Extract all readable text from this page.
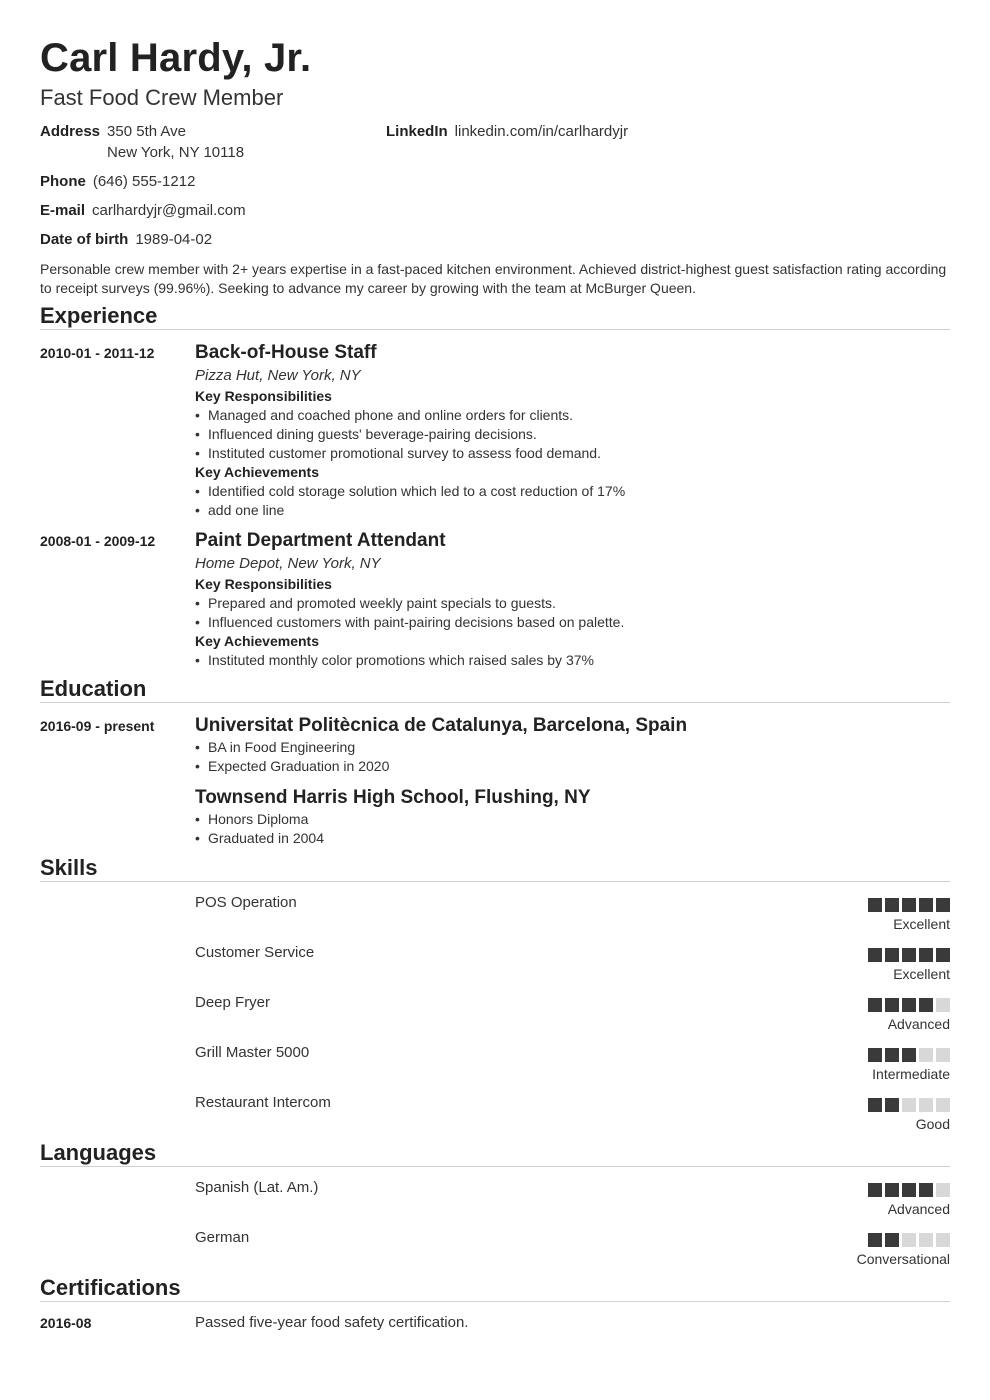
Carl Hardy, Jr.
Fast Food Crew Member
Address 350 5th Ave
New York, NY 10118
LinkedIn linkedin.com/in/carlhardyjr
Phone (646) 555-1212
E-mail carlhardyjr@gmail.com
Date of birth 1989-04-02
Personable crew member with 2+ years expertise in a fast-paced kitchen environment. Achieved district-highest guest satisfaction rating according to receipt surveys (99.96%). Seeking to advance my career by growing with the team at McBurger Queen.
Experience
2010-01 - 2011-12 Back-of-House Staff
Pizza Hut, New York, NY
Key Responsibilities
• Managed and coached phone and online orders for clients.
• Influenced dining guests' beverage-pairing decisions.
• Instituted customer promotional survey to assess food demand.
Key Achievements
• Identified cold storage solution which led to a cost reduction of 17%
• add one line
2008-01 - 2009-12 Paint Department Attendant
Home Depot, New York, NY
Key Responsibilities
• Prepared and promoted weekly paint specials to guests.
• Influenced customers with paint-pairing decisions based on palette.
Key Achievements
• Instituted monthly color promotions which raised sales by 37%
Education
2016-09 - present Universitat Politècnica de Catalunya, Barcelona, Spain
• BA in Food Engineering
• Expected Graduation in 2020
Townsend Harris High School, Flushing, NY
• Honors Diploma
• Graduated in 2004
Skills
POS Operation
Excellent
Customer Service
Excellent
Deep Fryer
Advanced
Grill Master 5000
Intermediate
Restaurant Intercom
Good
Languages
Spanish (Lat. Am.)
Advanced
German
Conversational
Certifications
2016-08	Passed five-year food safety certification.
